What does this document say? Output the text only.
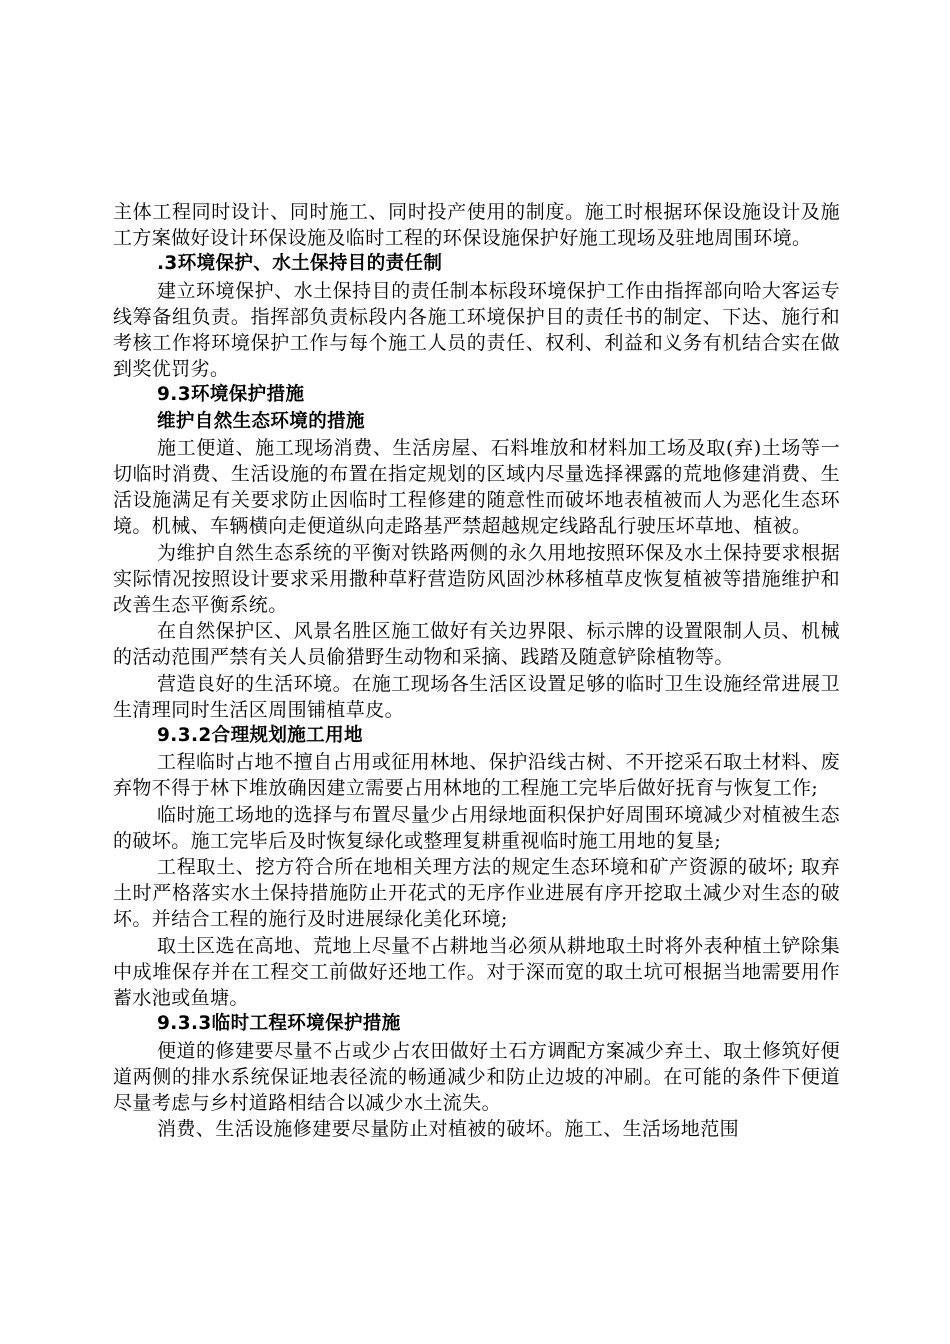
主体工程同时设计、同时施工、同时投产使用的制度。施工时根据环保设施设计及施工方案做好设计环保设施及临时工程的环保设施保护好施工现场及驻地周围环境。

.3环境保护、水土保持目的责任制

建立环境保护、水土保持目的责任制本标段环境保护工作由指挥部向哈大客运专线筹备组负责。指挥部负责标段内各施工环境保护目的责任书的制定、下达、施行和考核工作将环境保护工作与每个施工人员的责任、权利、利益和义务有机结合实在做到奖优罚劣。

9.3环境保护措施

维护自然生态环境的措施

施工便道、施工现场消费、生活房屋、石料堆放和材料加工场及取(弃)土场等一切临时消费、生活设施的布置在指定规划的区域内尽量选择裸露的荒地修建消费、生活设施满足有关要求防止因临时工程修建的随意性而破坏地表植被而人为恶化生态环境。机械、车辆横向走便道纵向走路基严禁超越规定线路乱行驶压坏草地、植被。

为维护自然生态系统的平衡对铁路两侧的永久用地按照环保及水土保持要求根据实际情况按照设计要求采用撒种草籽营造防风固沙林移植草皮恢复植被等措施维护和改善生态平衡系统。

在自然保护区、风景名胜区施工做好有关边界限、标示牌的设置限制人员、机械的活动范围严禁有关人员偷猎野生动物和采摘、践踏及随意铲除植物等。

营造良好的生活环境。在施工现场各生活区设置足够的临时卫生设施经常进展卫生清理同时生活区周围铺植草皮。

9.3.2合理规划施工用地

工程临时占地不擅自占用或征用林地、保护沿线古树、不开挖采石取土材料、废弃物不得于林下堆放确因建立需要占用林地的工程施工完毕后做好抚育与恢复工作;

临时施工场地的选择与布置尽量少占用绿地面积保护好周围环境减少对植被生态的破坏。施工完毕后及时恢复绿化或整理复耕重视临时施工用地的复垦;

工程取土、挖方符合所在地相关理方法的规定生态环境和矿产资源的破坏; 取弃土时严格落实水土保持措施防止开花式的无序作业进展有序开挖取土减少对生态的破坏。并结合工程的施行及时进展绿化美化环境;

取土区选在高地、荒地上尽量不占耕地当必须从耕地取土时将外表种植土铲除集中成堆保存并在工程交工前做好还地工作。对于深而宽的取土坑可根据当地需要用作蓄水池或鱼塘。

9.3.3临时工程环境保护措施

便道的修建要尽量不占或少占农田做好土石方调配方案减少弃土、取土修筑好便道两侧的排水系统保证地表径流的畅通减少和防止边坡的冲刷。在可能的条件下便道尽量考虑与乡村道路相结合以减少水土流失。

消费、生活设施修建要尽量防止对植被的破坏。施工、生活场地范围
